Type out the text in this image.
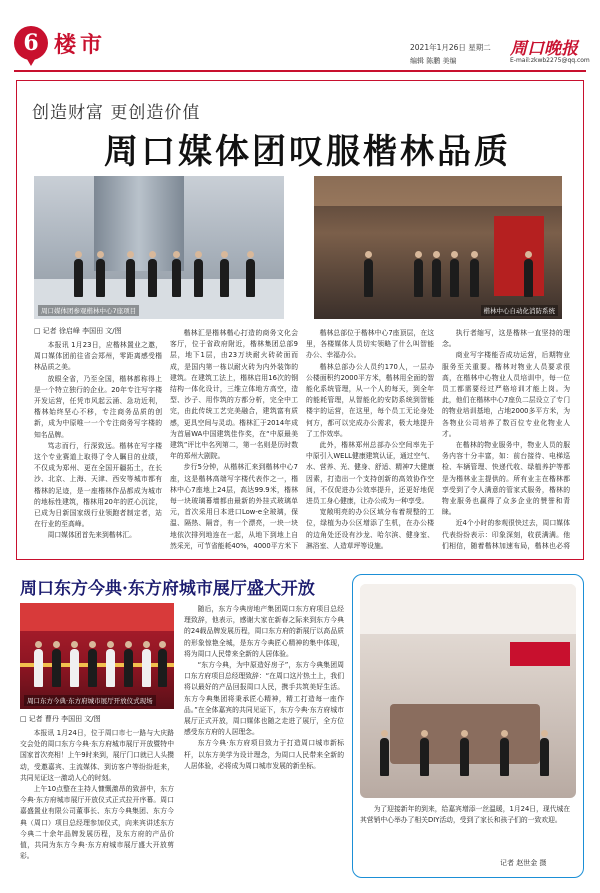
6 楼市	2021年1月26日 星期二
编辑 陈鹏 美编
周口晚报
E-mail:zkwb2275@qq.com
创造财富 更创造价值
周口媒体团叹服楷林品质
周口媒体团参观楷林中心7座项目	楷林中心自动化消防系统
□ 记者 徐启峰 李国田 文/图

本报讯 1月23日，应楷林置业之邀，周口媒体团前往省会郑州，零距离感受楷林品质之美。

放眼全省，乃至全国，楷林都称得上是一个特立独行的企业。20年专注写字楼开发运营，任凭市风起云涌、急功近利，楷林始终坚心不移，专注商务品质的创新，成为中原唯一一个专注商务写字楼的知名品牌。

笃志而行，行深致远。楷林在写字楼这个专业赛道上取得了令人瞩目的业绩，不仅成为郑州、更在全国开疆拓土，在长沙、北京、上海、天津、西安等城市都有楷林的足迹，是一座楷林作品都成为城市的地标性建筑，楷林用20年的匠心沉淀，已成为日新国家级行业领跑者制定者，站在行业的至高峰。

周口媒体团首先来到楷林汇。

楷林汇是楷林楷心打造的商务文化会客厅，位于省政府附近，楷林集团总部9层，地下1层，由23万块耐火砖砖面而成，是国内第一栋以耐火砖为内外装饰的建筑。在建筑工法上，楷林启用16次的钢结构一体化设计，三维立体地方高空，造型、沙子、用作筑的方都分析，完全中工完，由此传统工艺完美融合，建筑富有质感，更具空间与灵动。楷林汇于2014年成为首届WA中国建筑佳作奖，在“中原最美建筑”评比中名列第二，第一名则是历时数年的郑州大剧院。

步行5分钟，从楷林汇来到楷林中心7座，这是楷林高端写字楼代表作之一，楷林中心7座地上24层，高达99.9米，楷林每一块玻璃幕墙都由最新的外挂式玻璃单元，首次采用日本进口Low-e全玻璃，保温、隔热、隔音，有一个漂亮，一块一块地依次排列地连在一起，从地下到地上自然采光，可节省能耗40%，4000平方米下

楷林总部位于楷林中心7座顶层，在这里，各楼媒体人员切实领略了什么叫智能办公、幸福办公。

楷林总部办公人员约170人，一层办公楼面积约2000平方米，楷林用全面的智能化系统管理，从一个人的每天，到全年的能耗管理，从智能化的安防系统到智能楼宇的运营，在这里，每个员工无论身处何方，都可以完成办公需求，极大地提升了工作效率。

此外，楷林郑州总部办公空间率先于中原引入WELL健康建筑认证，通过空气、水、营养、光、健身、舒适、精神7大健康因素，打造出一个支持创新的高效协作空间，不仅促进办公效率提升，还更好地促进员工身心健康，让办公成为一种享受。

宽敞明亮的办公区域分布着规整的工位，绿植为办公区增添了生机，在办公楼的边角处还设有沙龙、哈尔滨、健身室、淋浴室、人造草坪等设施。

执行者缩写，这是楷林一直坚持的理念。

商业写字楼能否成功运营，后期物业服务至关重要。楷林对物业人员要求很高，在楷林中心物业人员培训中，每一位员工都需要经过严格培训才能上岗。为此，他们在楷林中心7座负二层设立了专门的物业培训基地，占地2000多平方米，为各物业公司培养了数百位专业化物业人才。

在楷林的物业服务中，物业人员的服务内容十分丰富，如：前台接待、电梯巡检、车辆管理、快递代收、绿植养护等都是为楷林业主提供的。所有业主在楷林都享受到了令人满意的管家式服务，楷林的物业服务也赢得了众多企业的赞誉和青睐。

近4个小时的参观很快过去，周口媒体代表纷纷表示：印象深刻，收获满满。他们相信，随着楷林加速布局，楷林也必将

周口东方今典·东方府城市展厅盛大开放
周口东方今典·东方府城市展厅开放仪式现场
□ 记者 曹丹 李国田 文/图

本报讯 1月24日，位于周口市七一路与大庆路交会处的周口东方今典·东方府城市展厅开放暨特中国家首次亮相！上午9时来到，展厅门口就已人头攒动，受邀嘉宾、主流媒体、到访客户等纷纷赶来，共同见证这一激动人心的时刻。

上午10点整在主持人慷慨激昂的致辞中，东方今典·东方府城市展厅开放仪式正式拉开序幕。周口嘉盛置业有限公司董事长、东方今典集团、东方今典（周口）项目总经理参加仪式，向来宾讲述东方今典二十余年品牌发展历程，及东方府的产品价值，共同为东方今典·东方府城市展厅盛大开放剪彩。

随后，东方今典房地产集团周口东方府项目总经理致辞，他表示，感谢大家在新春之际来到东方今典的24载品牌发展历程，周口东方府的新展厅以高品质的形象惊艳全城，是东方今典匠心精神的集中体现，将为周口人民带来全新的人居体验。

“东方今典，为中原造好房子”，东方今典集团周口东方府项目总经理致辞：“在周口这片热土上，我们将以最好的产品回报周口人民，携手共筑美好生活。东方今典集团将秉承匠心精神，精工打造每一座作品。”在全体嘉宾的共同见证下，东方今典·东方府城市展厅正式开放，周口媒体也随之走进了展厅，全方位感受东方府的人居理念。

东方今典·东方府项目致力于打造周口城市新标杆，以东方美学为设计理念，为周口人民带来全新的人居体验，必将成为周口城市发展的新坐标。

为了迎接新年的到来，给嘉宾增添一丝温暖，1月24日，现代城在其营销中心举办了相关DIY活动，受到了家长和孩子们的一致欢迎。
记者 赵世金 摄
